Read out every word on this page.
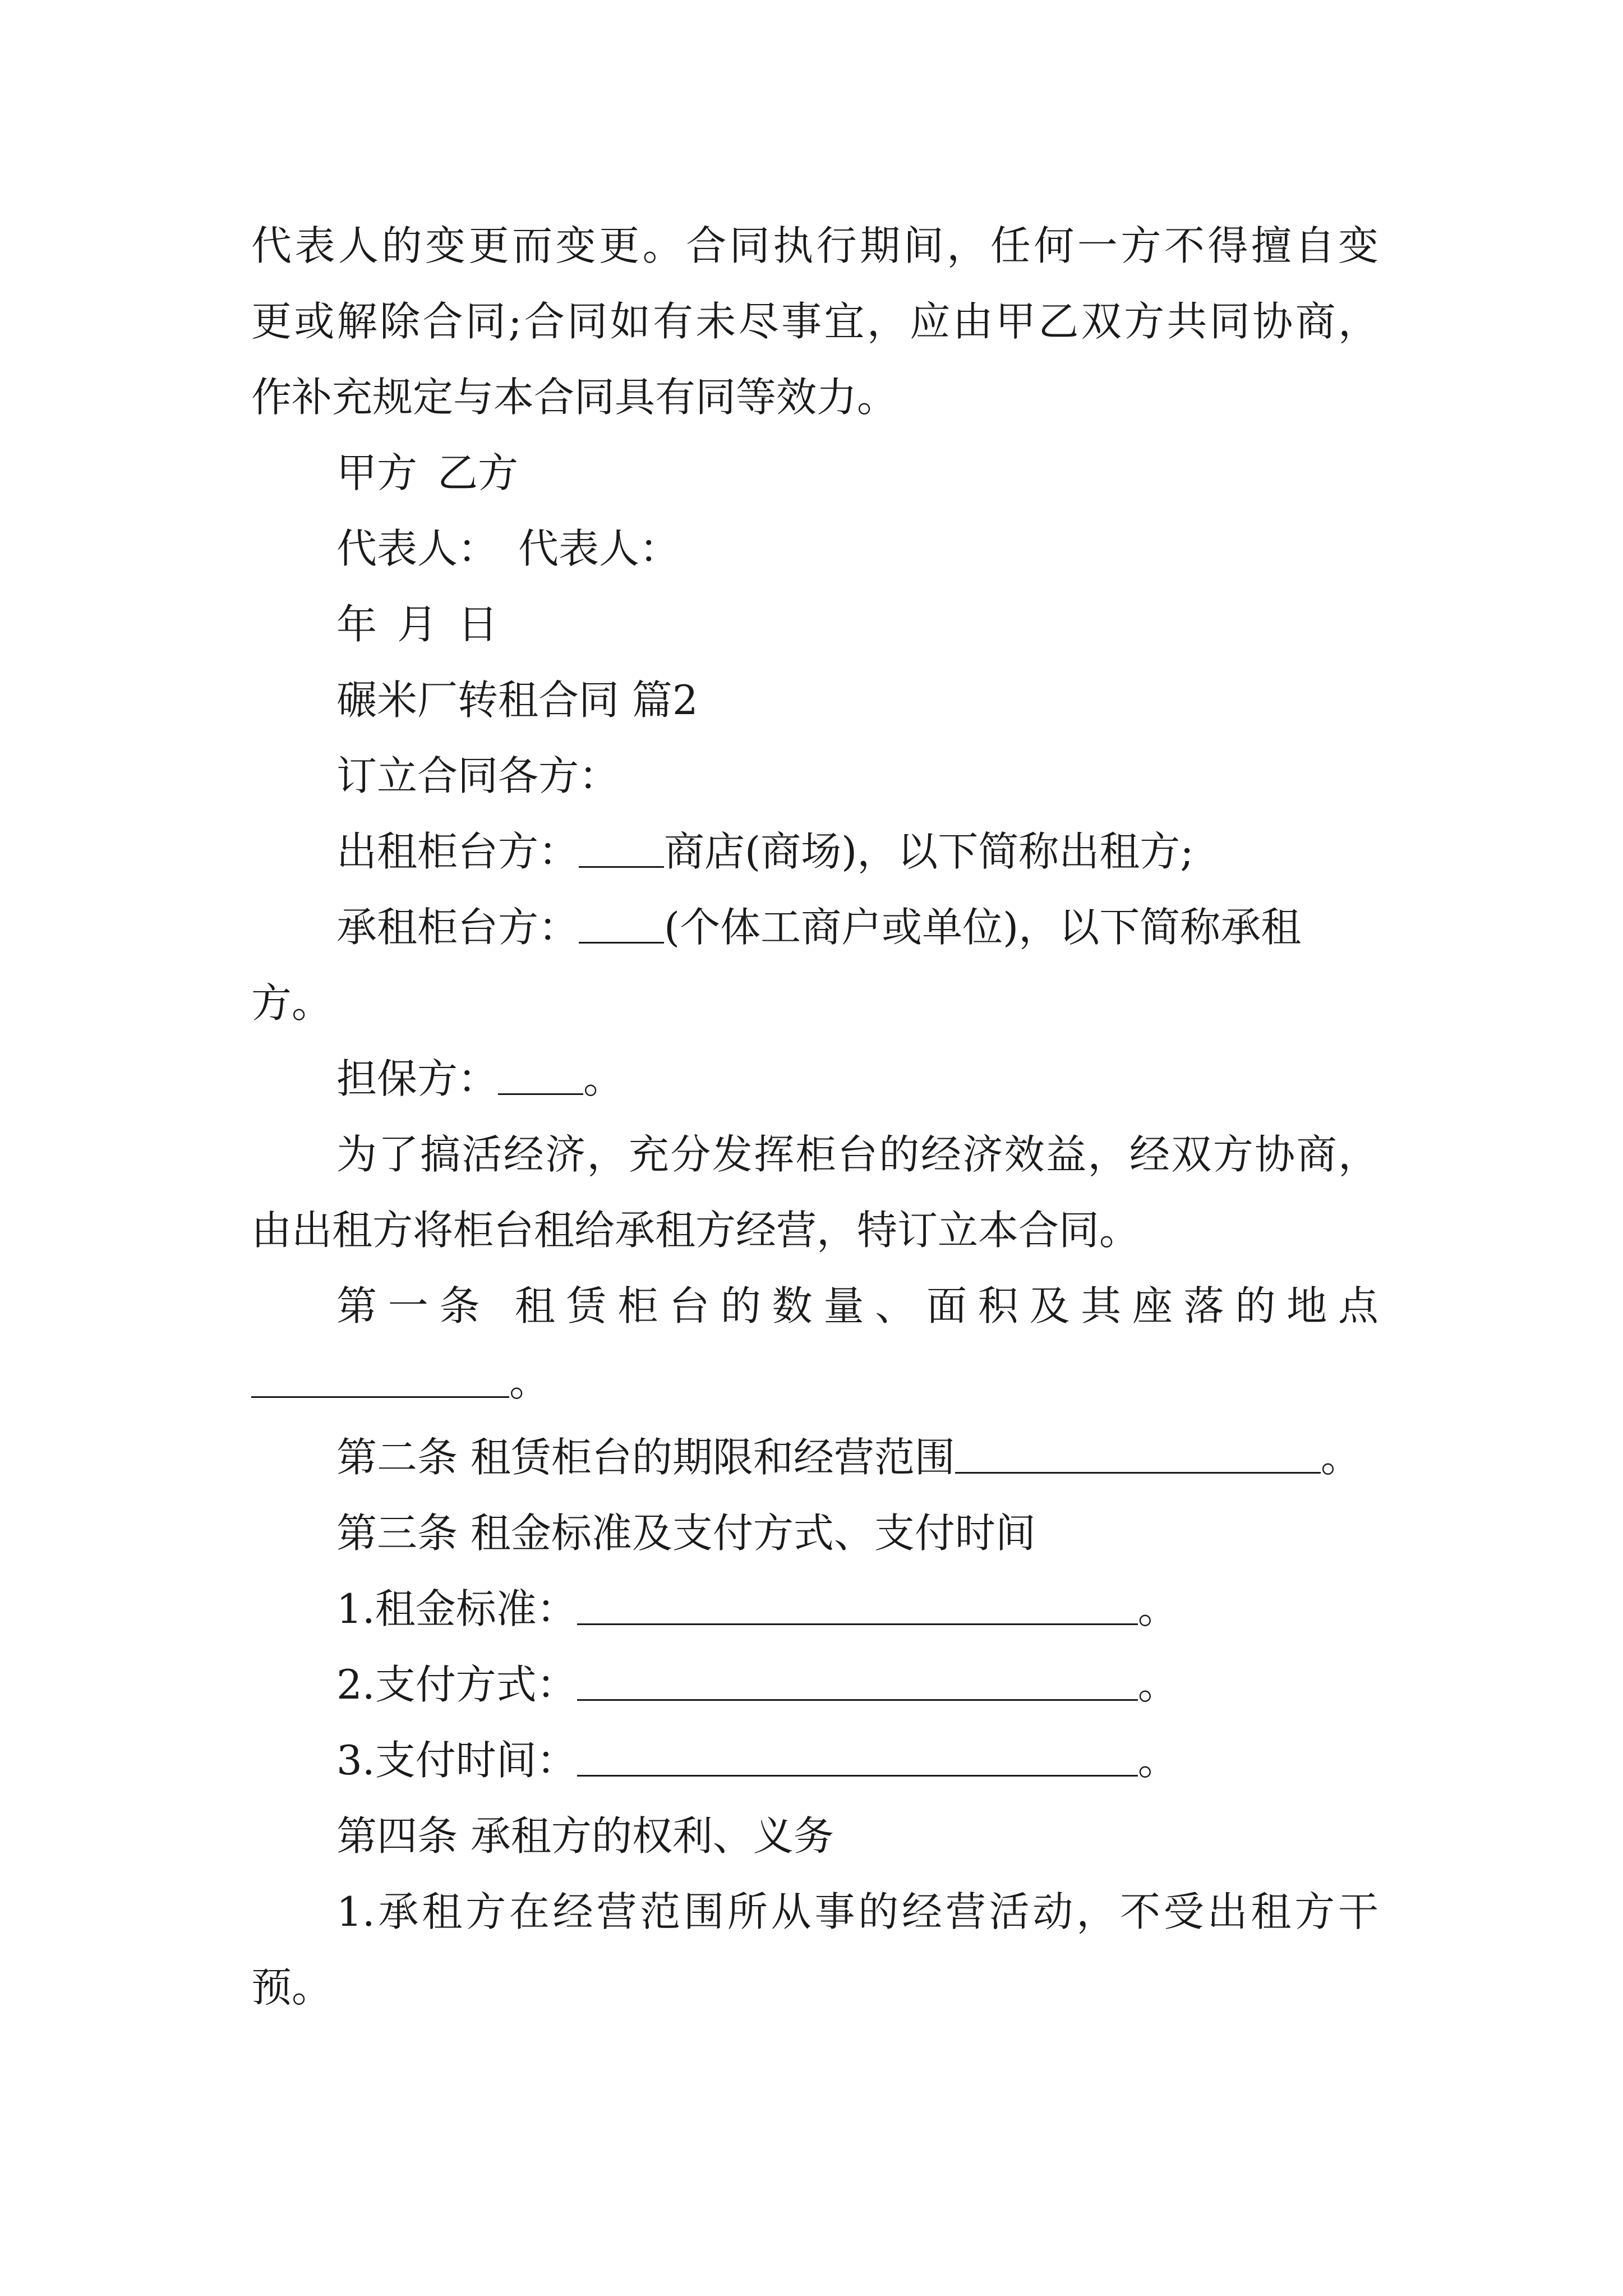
代表人的变更而变更。合同执行期间，任何一方不得擅自变
更或解除合同;合同如有未尽事宜，应由甲乙双方共同协商，
作补充规定与本合同具有同等效力。
甲方 乙方
代表人： 代表人：
年 月 日
碾米厂转租合同 篇2
订立合同各方：
出租柜台方： 商店(商场)，以下简称出租方;
承租柜台方： (个体工商户或单位)，以下简称承租
方。
担保方： 。
为了搞活经济，充分发挥柜台的经济效益，经双方协商，
由出租方将柜台租给承租方经营，特订立本合同。
第一条 租赁柜台的数量、面积及其座落的地点
。
第二条 租赁柜台的期限和经营范围	。
第三条 租金标准及支付方式、支付时间
1.租金标准：	。
2.支付方式：	。
3.支付时间：	。
第四条 承租方的权利、义务
1.承租方在经营范围所从事的经营活动，不受出租方干
预。
